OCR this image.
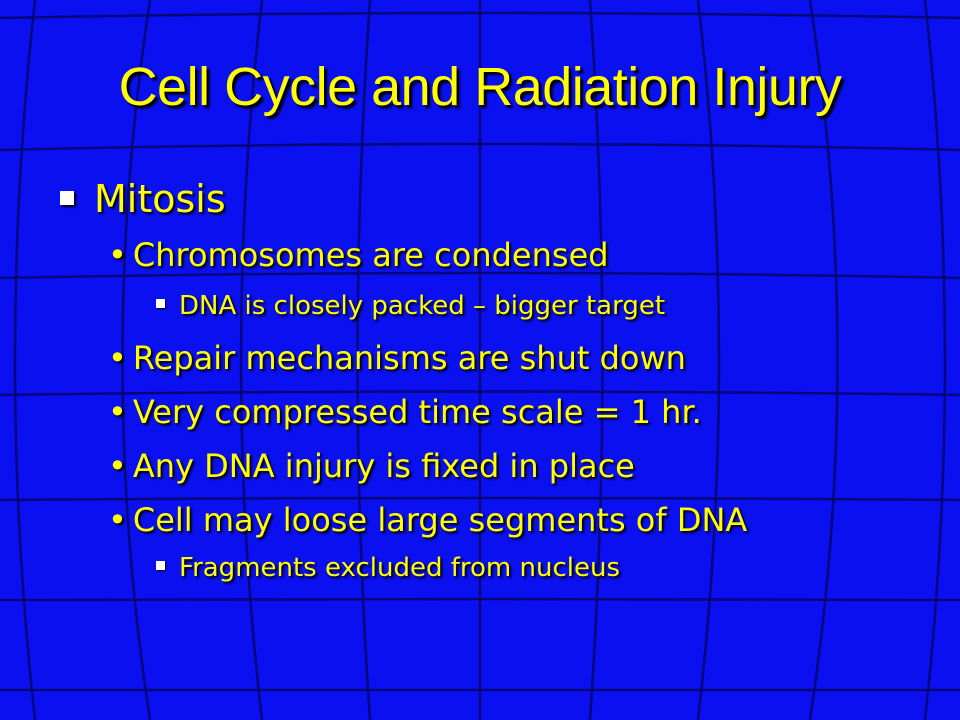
Cell Cycle and Radiation Injury
Mitosis
• Chromosomes are condensed
DNA is closely packed – bigger target
• Repair mechanisms are shut down
• Very compressed time scale = 1 hr.
• Any DNA injury is fixed in place
• Cell may loose large segments of DNA
Fragments excluded from nucleus
